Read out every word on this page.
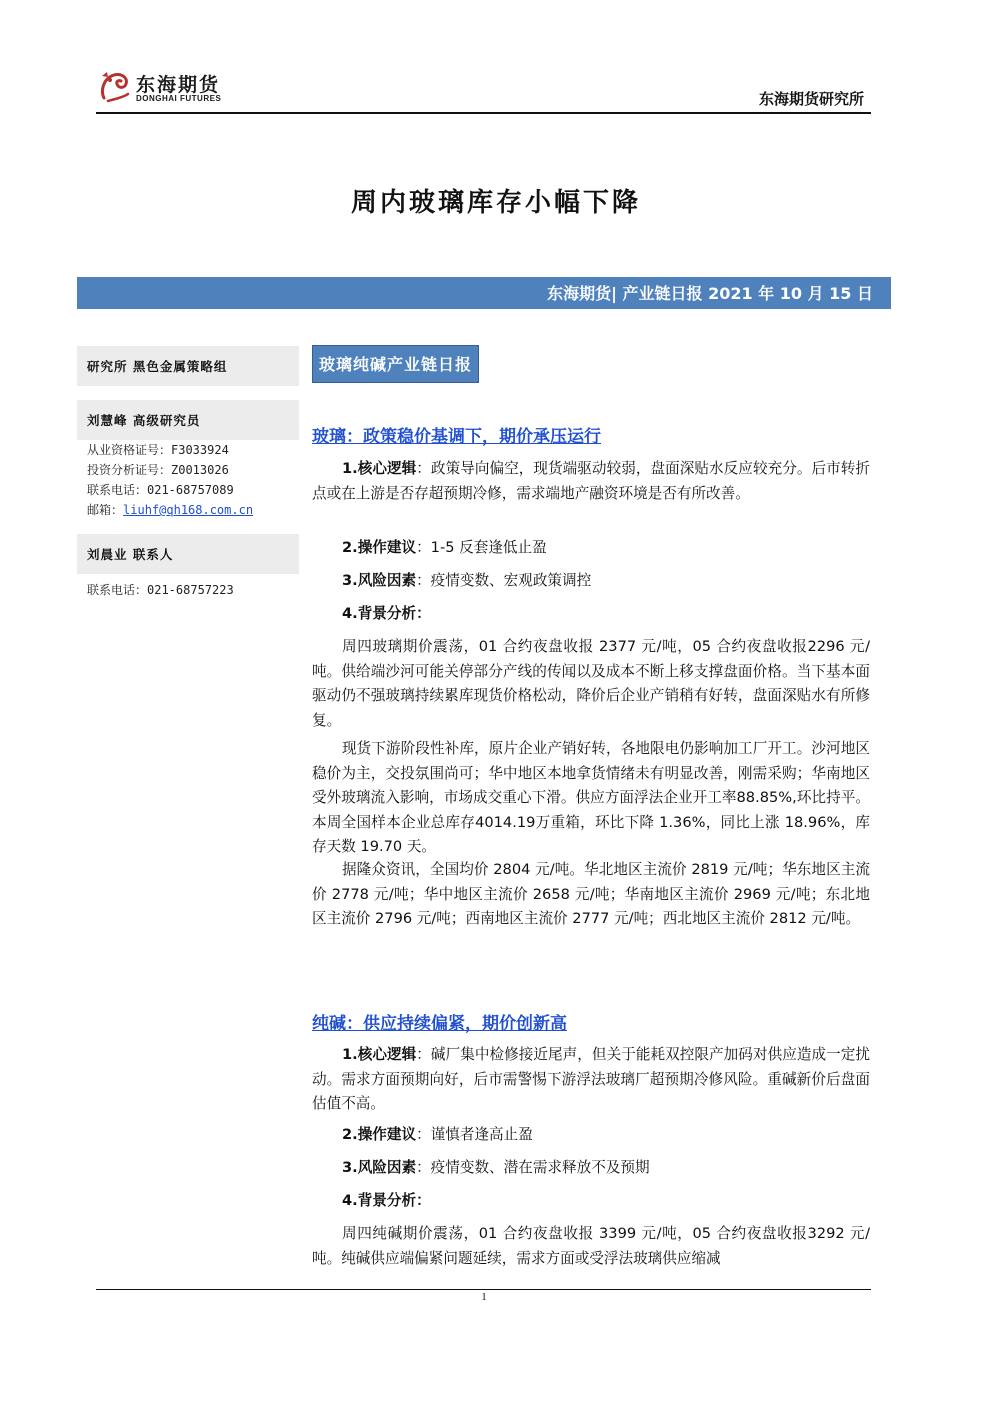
东海期货
DONGHAI FUTURES	东海期货研究所
周内玻璃库存小幅下降
东海期货| 产业链日报 2021 年 10 月 15 日
研究所 黑色金属策略组
刘慧峰 高级研究员
从业资格证号：F3033924
投资分析证号：Z0013026
联系电话：021-68757089
邮箱：liuhf@qh168.com.cn
刘晨业 联系人
联系电话：021-68757223
玻璃纯碱产业链日报
玻璃：政策稳价基调下，期价承压运行
1.核心逻辑：政策导向偏空，现货端驱动较弱，盘面深贴水反应较充分。后市转折点或在上游是否存超预期冷修，需求端地产融资环境是否有所改善。
2.操作建议：1-5 反套逢低止盈
3.风险因素：疫情变数、宏观政策调控
4.背景分析：
周四玻璃期价震荡，01 合约夜盘收报 2377 元/吨，05 合约夜盘收报2296 元/吨。供给端沙河可能关停部分产线的传闻以及成本不断上移支撑盘面价格。当下基本面驱动仍不强玻璃持续累库现货价格松动，降价后企业产销稍有好转，盘面深贴水有所修复。
现货下游阶段性补库，原片企业产销好转，各地限电仍影响加工厂开工。沙河地区稳价为主，交投氛围尚可；华中地区本地拿货情绪未有明显改善，刚需采购；华南地区受外玻璃流入影响，市场成交重心下滑。供应方面浮法企业开工率88.85%,环比持平。本周全国样本企业总库存4014.19万重箱，环比下降 1.36%，同比上涨 18.96%，库存天数 19.70 天。
据隆众资讯，全国均价 2804 元/吨。华北地区主流价 2819 元/吨；华东地区主流价 2778 元/吨；华中地区主流价 2658 元/吨；华南地区主流价 2969 元/吨；东北地区主流价 2796 元/吨；西南地区主流价 2777 元/吨；西北地区主流价 2812 元/吨。
纯碱：供应持续偏紧，期价创新高
1.核心逻辑：碱厂集中检修接近尾声，但关于能耗双控限产加码对供应造成一定扰动。需求方面预期向好，后市需警惕下游浮法玻璃厂超预期冷修风险。重碱新价后盘面估值不高。
2.操作建议：谨慎者逢高止盈
3.风险因素：疫情变数、潜在需求释放不及预期
4.背景分析：
周四纯碱期价震荡，01 合约夜盘收报 3399 元/吨，05 合约夜盘收报3292 元/吨。纯碱供应端偏紧问题延续，需求方面或受浮法玻璃供应缩减
1
